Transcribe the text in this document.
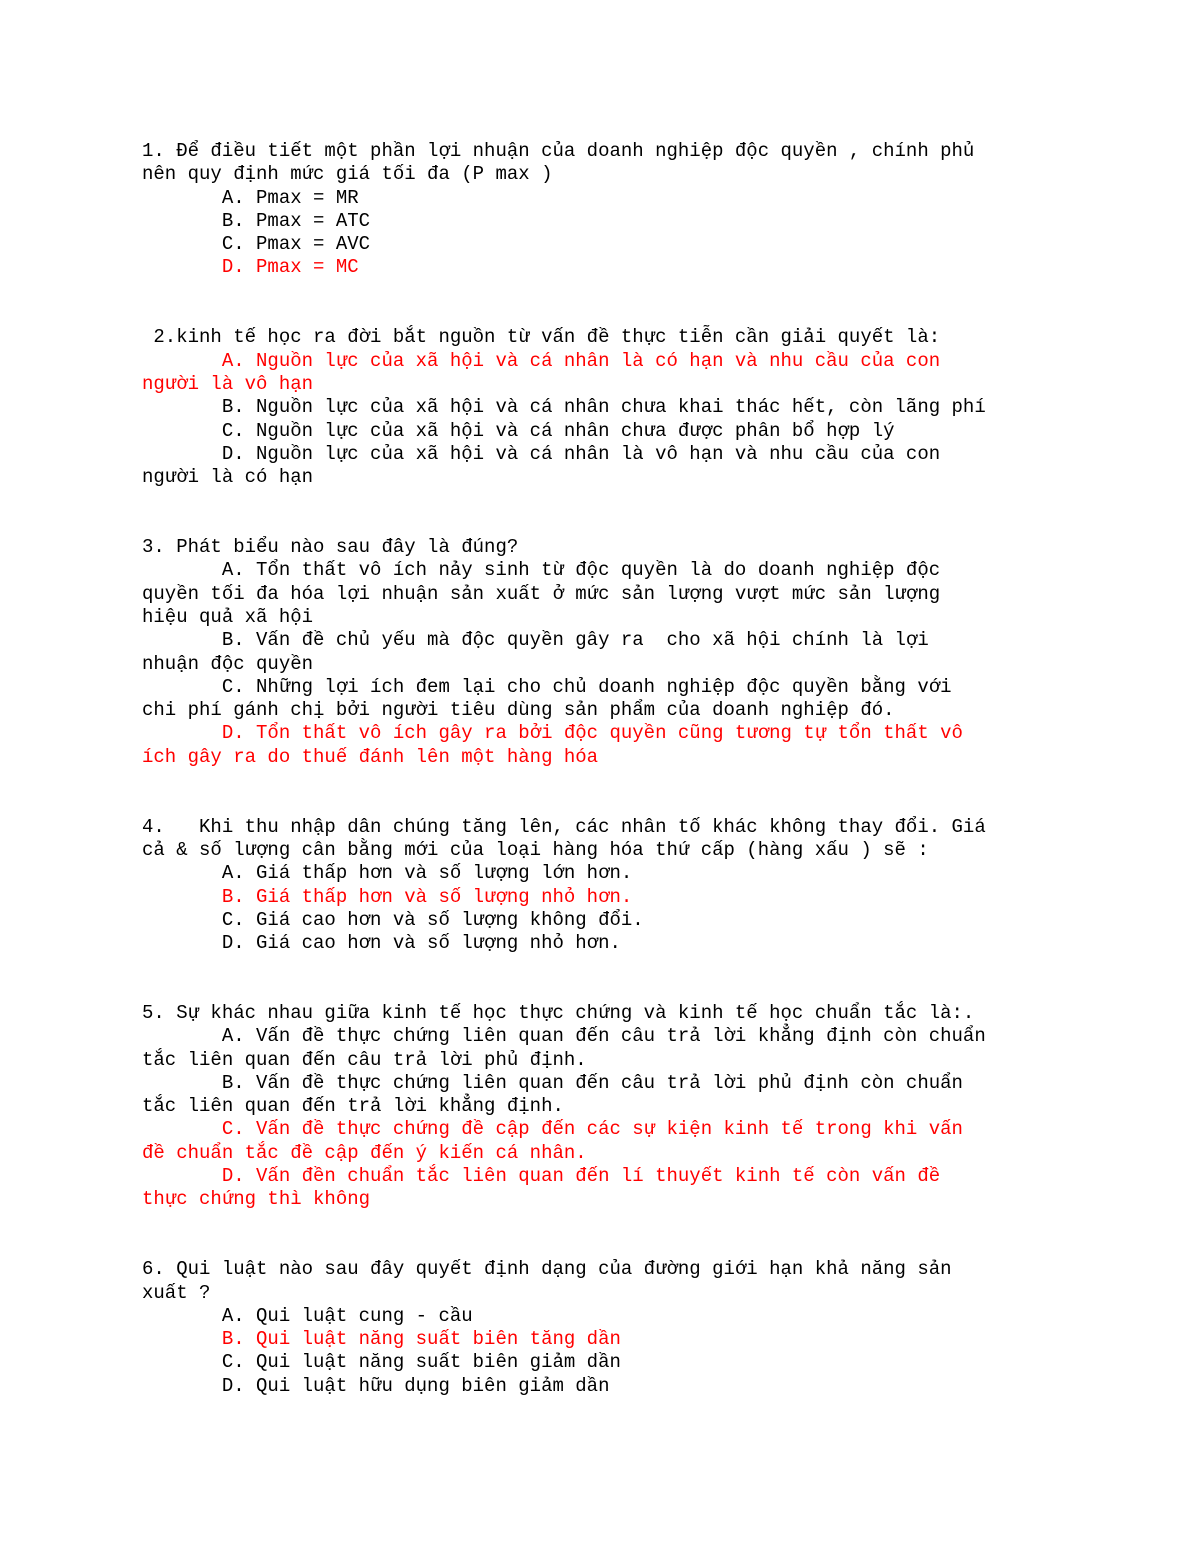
1. Để điều tiết một phần lợi nhuận của doanh nghiệp độc quyền , chính phủ
nên quy định mức giá tối đa (P max )
A. Pmax = MR
B. Pmax = ATC
C. Pmax = AVC
D. Pmax = MC
2.kinh tế học ra đời bắt nguồn từ vấn đề thực tiễn cần giải quyết là:
A. Nguồn lực của xã hội và cá nhân là có hạn và nhu cầu của con
người là vô hạn
B. Nguồn lực của xã hội và cá nhân chưa khai thác hết, còn lãng phí
C. Nguồn lực của xã hội và cá nhân chưa được phân bổ hợp lý
D. Nguồn lực của xã hội và cá nhân là vô hạn và nhu cầu của con
người là có hạn
3. Phát biểu nào sau đây là đúng?
A. Tổn thất vô ích nảy sinh từ độc quyền là do doanh nghiệp độc
quyền tối đa hóa lợi nhuận sản xuất ở mức sản lượng vượt mức sản lượng
hiệu quả xã hội
B. Vấn đề chủ yếu mà độc quyền gây ra  cho xã hội chính là lợi
nhuận độc quyền
C. Những lợi ích đem lại cho chủ doanh nghiệp độc quyền bằng với
chi phí gánh chị bởi người tiêu dùng sản phẩm của doanh nghiệp đó.
D. Tổn thất vô ích gây ra bởi độc quyền cũng tương tự tổn thất vô
ích gây ra do thuế đánh lên một hàng hóa
4.   Khi thu nhập dân chúng tăng lên, các nhân tố khác không thay đổi. Giá
cả & số lượng cân bằng mới của loại hàng hóa thứ cấp (hàng xấu ) sẽ :
A. Giá thấp hơn và số lượng lớn hơn.
B. Giá thấp hơn và số lượng nhỏ hơn.
C. Giá cao hơn và số lượng không đổi.
D. Giá cao hơn và số lượng nhỏ hơn.
5. Sự khác nhau giữa kinh tế học thực chứng và kinh tế học chuẩn tắc là:.
A. Vấn đề thực chứng liên quan đến câu trả lời khẳng định còn chuẩn
tắc liên quan đến câu trả lời phủ định.
B. Vấn đề thực chứng liên quan đến câu trả lời phủ định còn chuẩn
tắc liên quan đến trả lời khẳng định.
C. Vấn đề thực chứng đề cập đến các sự kiện kinh tế trong khi vấn
đề chuẩn tắc đề cập đến ý kiến cá nhân.
D. Vấn đền chuẩn tắc liên quan đến lí thuyết kinh tế còn vấn đề
thực chứng thì không
6. Qui luật nào sau đây quyết định dạng của đường giới hạn khả năng sản
xuất ?
A. Qui luật cung - cầu
B. Qui luật năng suất biên tăng dần
C. Qui luật năng suất biên giảm dần
D. Qui luật hữu dụng biên giảm dần
